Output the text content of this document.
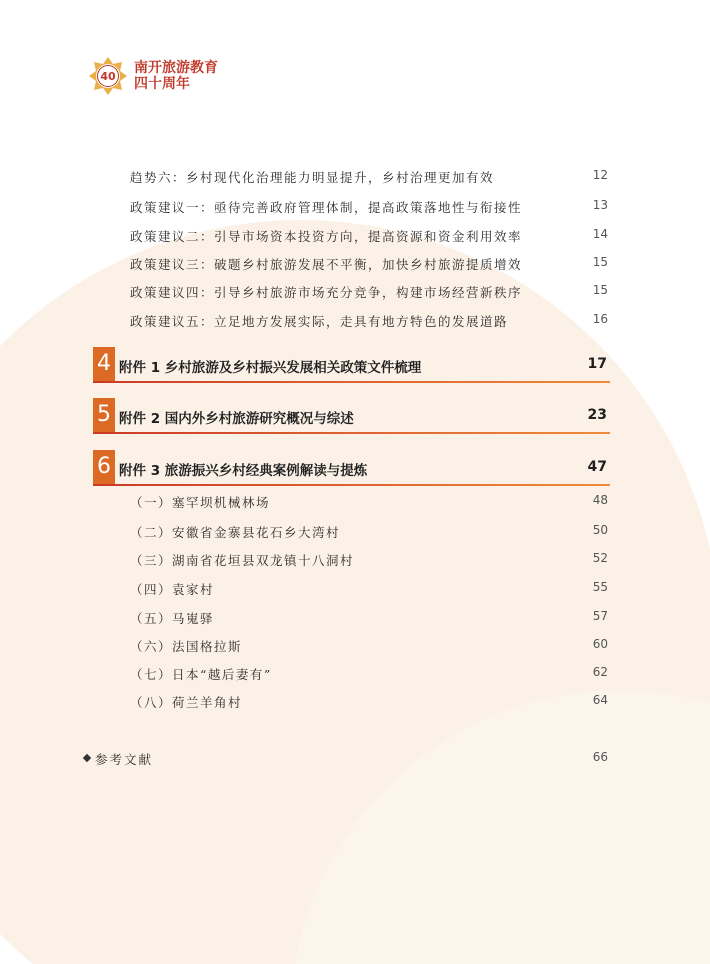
40
南开旅游教育
四十周年
趋势六：乡村现代化治理能力明显提升，乡村治理更加有效	12
政策建议一：亟待完善政府管理体制，提高政策落地性与衔接性	13
政策建议二：引导市场资本投资方向，提高资源和资金利用效率	14
政策建议三：破题乡村旅游发展不平衡，加快乡村旅游提质增效	15
政策建议四：引导乡村旅游市场充分竞争，构建市场经营新秩序	15
政策建议五：立足地方发展实际，走具有地方特色的发展道路	16
4 附件 1 乡村旅游及乡村振兴发展相关政策文件梳理	17
5 附件 2 国内外乡村旅游研究概况与综述	23
6 附件 3 旅游振兴乡村经典案例解读与提炼	47
（一）塞罕坝机械林场	48
（二）安徽省金寨县花石乡大湾村	50
（三）湖南省花垣县双龙镇十八洞村	52
（四）袁家村	55
（五）马嵬驿	57
（六）法国格拉斯	60
（七）日本“越后妻有”	62
（八）荷兰羊角村	64
参考文献	66
